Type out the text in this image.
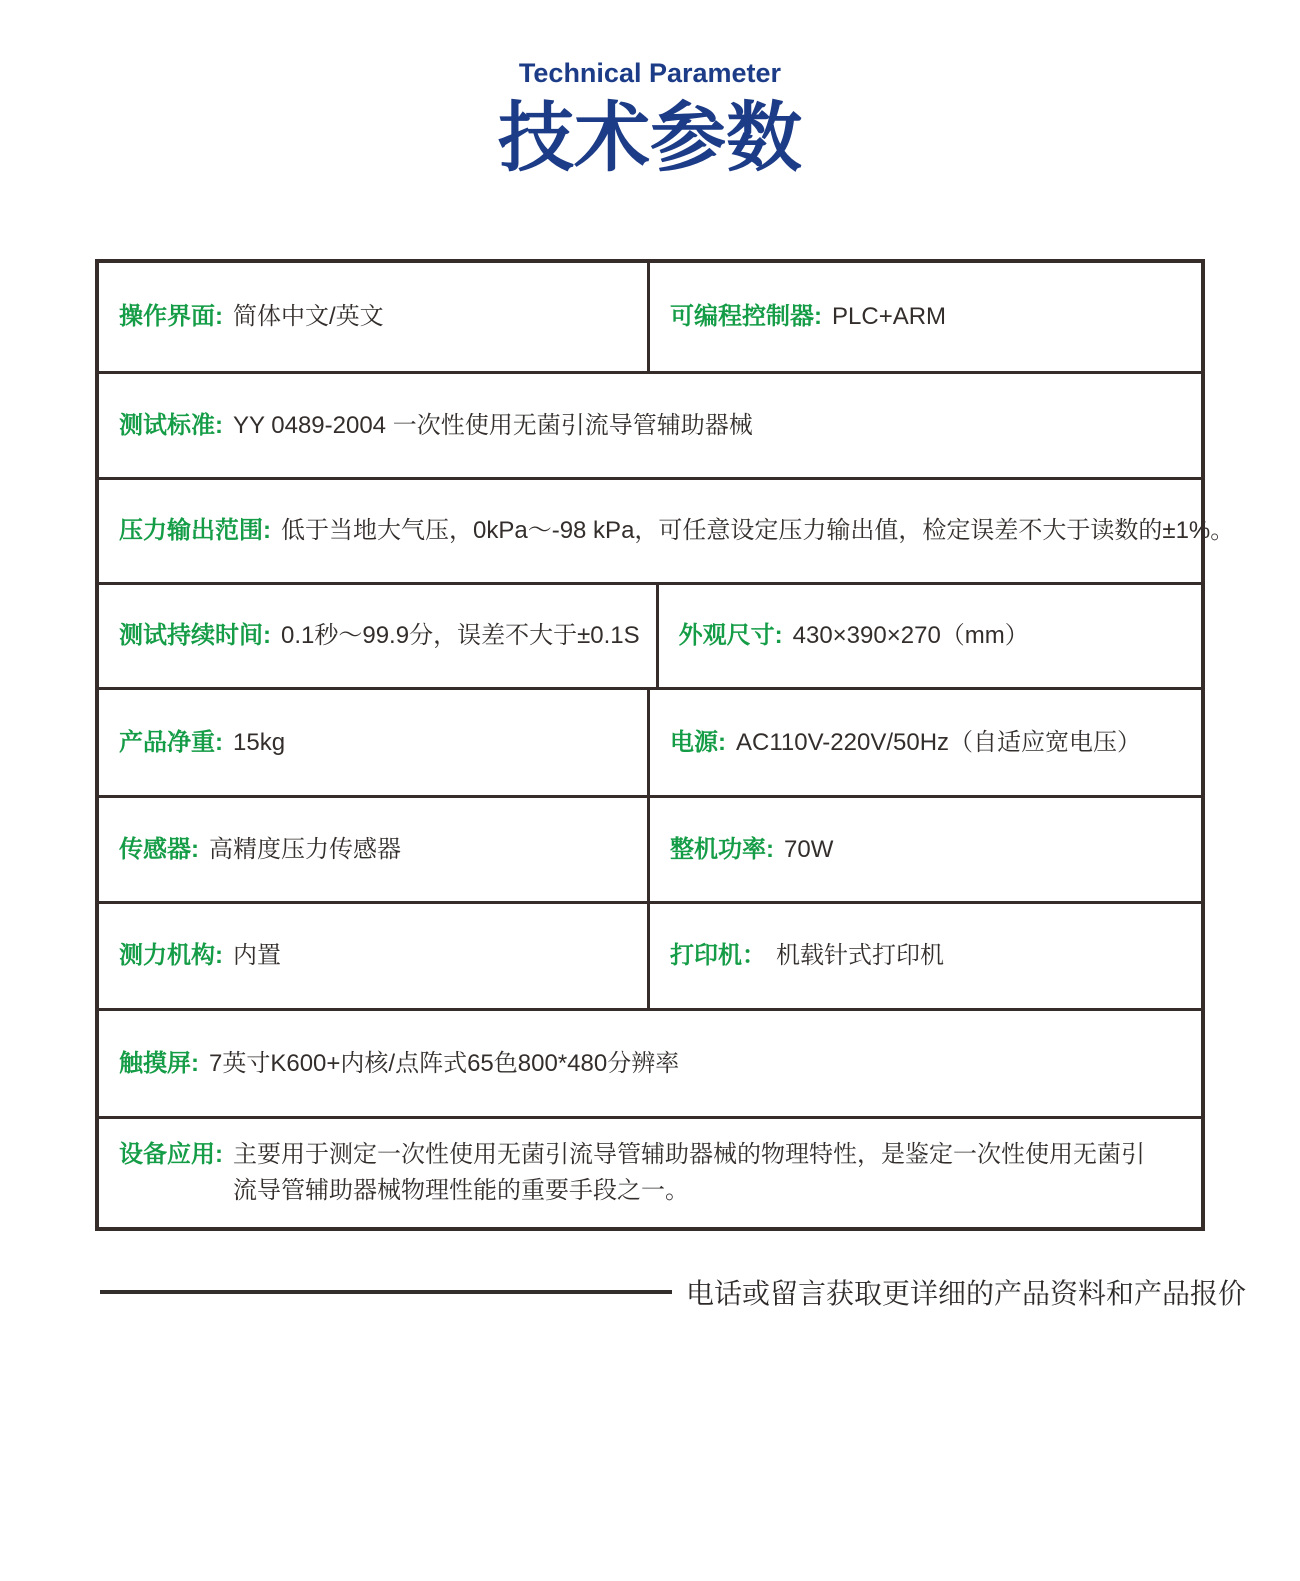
Technical Parameter
技术参数
操作界面: 简体中文/英文	可编程控制器: PLC+ARM
测试标准: YY 0489-2004 一次性使用无菌引流导管辅助器械
压力输出范围: 低于当地大气压，0kPa～-98 kPa，可任意设定压力输出值，检定误差不大于读数的±1%。
测试持续时间: 0.1秒～99.9分，误差不大于±0.1S 外观尺寸: 430×390×270（mm）
产品净重: 15kg	电源: AC110V-220V/50Hz（自适应宽电压）
传感器: 高精度压力传感器	整机功率: 70W
测力机构: 内置	打印机： 机载针式打印机
触摸屏: 7英寸K600+内核/点阵式65色800*480分辨率
设备应用: 主要用于测定一次性使用无菌引流导管辅助器械的物理特性，是鉴定一次性使用无菌引流导管辅助器械物理性能的重要手段之一。
电话或留言获取更详细的产品资料和产品报价
